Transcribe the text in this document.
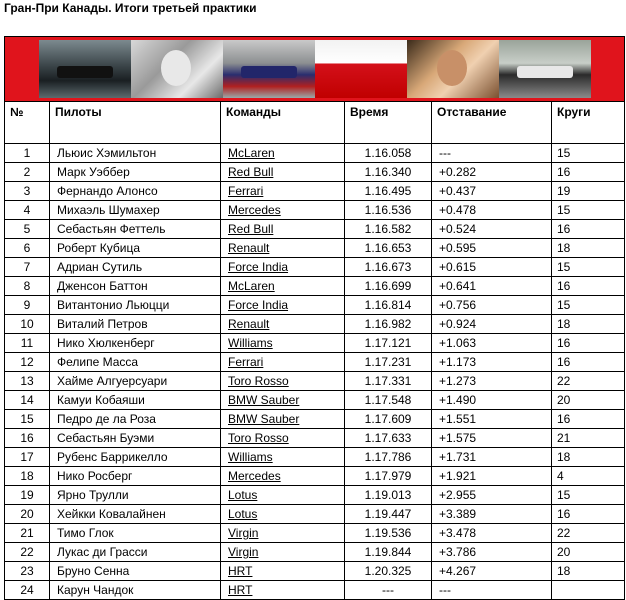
Гран-При Канады. Итоги третьей практики

№	Пилоты	Команды	Время	Отставание	Круги
1	Льюис Хэмильтон	McLaren	1.16.058	---	15
2	Марк Уэббер	Red Bull	1.16.340	+0.282	16
3	Фернандо Алонсо	Ferrari	1.16.495	+0.437	19
4	Михаэль Шумахер	Mercedes	1.16.536	+0.478	15
5	Себастьян Феттель	Red Bull	1.16.582	+0.524	16
6	Роберт Кубица	Renault	1.16.653	+0.595	18
7	Адриан Сутиль	Force India	1.16.673	+0.615	15
8	Дженсон Баттон	McLaren	1.16.699	+0.641	16
9	Витантонио Льюцци	Force India	1.16.814	+0.756	15
10	Виталий Петров	Renault	1.16.982	+0.924	18
11	Нико Хюлкенберг	Williams	1.17.121	+1.063	16
12	Фелипе Масса	Ferrari	1.17.231	+1.173	16
13	Хайме Алгуерсуари	Toro Rosso	1.17.331	+1.273	22
14	Камуи Кобаяши	BMW Sauber	1.17.548	+1.490	20
15	Педро де ла Роза	BMW Sauber	1.17.609	+1.551	16
16	Себастьян Буэми	Toro Rosso	1.17.633	+1.575	21
17	Рубенс Баррикелло	Williams	1.17.786	+1.731	18
18	Нико Росберг	Mercedes	1.17.979	+1.921	4
19	Ярно Трулли	Lotus	1.19.013	+2.955	15
20	Хейкки Ковалайнен	Lotus	1.19.447	+3.389	16
21	Тимо Глок	Virgin	1.19.536	+3.478	22
22	Лукас ди Грасси	Virgin	1.19.844	+3.786	20
23	Бруно Сенна	HRT	1.20.325	+4.267	18
24	Карун Чандок	HRT	---	---	
